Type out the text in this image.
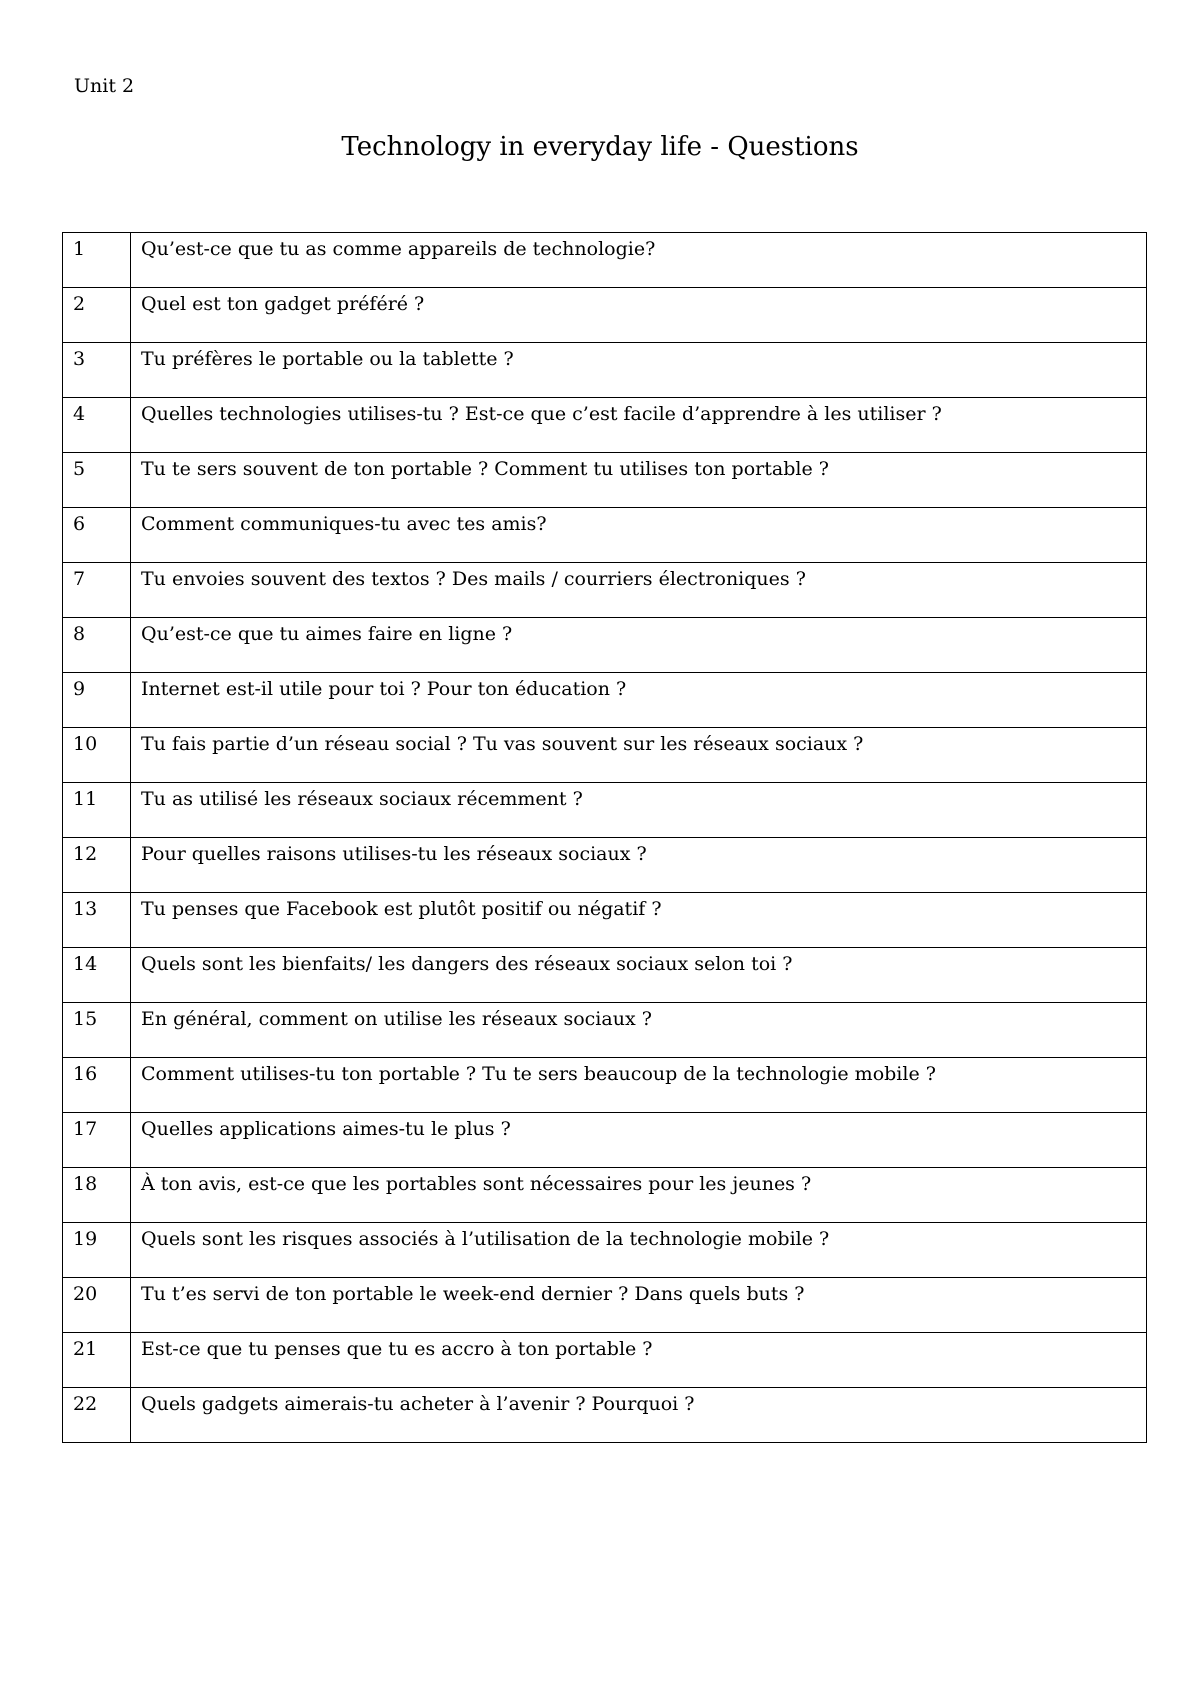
Unit 2
Technology in everyday life - Questions
1	Qu’est-ce que tu as comme appareils de technologie?
2	Quel est ton gadget préféré ?
3	Tu préfères le portable ou la tablette ?
4	Quelles technologies utilises-tu ? Est-ce que c’est facile d’apprendre à les utiliser ?
5	Tu te sers souvent de ton portable ? Comment tu utilises ton portable ?
6	Comment communiques-tu avec tes amis?
7	Tu envoies souvent des textos ? Des mails / courriers électroniques ?
8	Qu’est-ce que tu aimes faire en ligne ?
9	Internet est-il utile pour toi ? Pour ton éducation ?
10	Tu fais partie d’un réseau social ? Tu vas souvent sur les réseaux sociaux ?
11	Tu as utilisé les réseaux sociaux récemment ?
12	Pour quelles raisons utilises-tu les réseaux sociaux ?
13	Tu penses que Facebook est plutôt positif ou négatif ?
14	Quels sont les bienfaits/ les dangers des réseaux sociaux selon toi ?
15	En général, comment on utilise les réseaux sociaux ?
16	Comment utilises-tu ton portable ? Tu te sers beaucoup de la technologie mobile ?
17	Quelles applications aimes-tu le plus ?
18	À ton avis, est-ce que les portables sont nécessaires pour les jeunes ?
19	Quels sont les risques associés à l’utilisation de la technologie mobile ?
20	Tu t’es servi de ton portable le week-end dernier ? Dans quels buts ?
21	Est-ce que tu penses que tu es accro à ton portable ?
22	Quels gadgets aimerais-tu acheter à l’avenir ? Pourquoi ?
